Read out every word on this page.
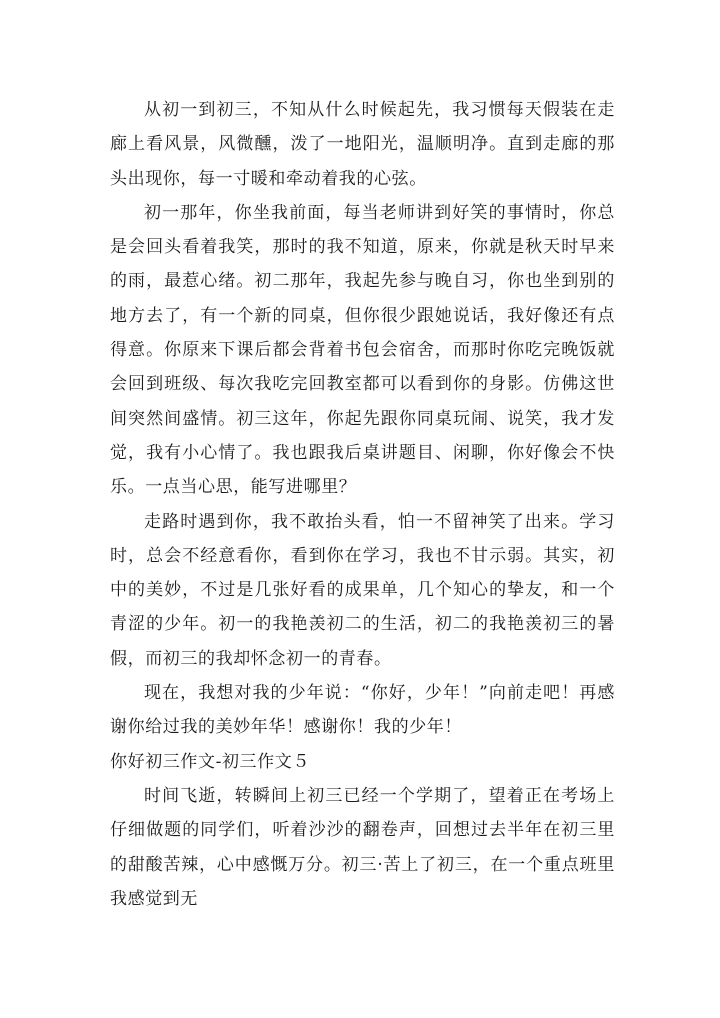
从初一到初三，不知从什么时候起先，我习惯每天假装在走廊上看风景，风微醺，泼了一地阳光，温顺明净。直到走廊的那头出现你，每一寸暖和牵动着我的心弦。

初一那年，你坐我前面，每当老师讲到好笑的事情时，你总是会回头看着我笑，那时的我不知道，原来，你就是秋天时早来的雨，最惹心绪。初二那年，我起先参与晚自习，你也坐到别的地方去了，有一个新的同桌，但你很少跟她说话，我好像还有点得意。你原来下课后都会背着书包会宿舍，而那时你吃完晚饭就会回到班级、每次我吃完回教室都可以看到你的身影。仿佛这世间突然间盛情。初三这年，你起先跟你同桌玩闹、说笑，我才发觉，我有小心情了。我也跟我后桌讲题目、闲聊，你好像会不快乐。一点当心思，能写进哪里？

走路时遇到你，我不敢抬头看，怕一不留神笑了出来。学习时，总会不经意看你，看到你在学习，我也不甘示弱。其实，初中的美妙，不过是几张好看的成果单，几个知心的挚友，和一个青涩的少年。初一的我艳羡初二的生活，初二的我艳羡初三的暑假，而初三的我却怀念初一的青春。

现在，我想对我的少年说：“你好，少年！”向前走吧！再感谢你给过我的美妙年华！感谢你！我的少年！

你好初三作文-初三作文５

时间飞逝，转瞬间上初三已经一个学期了，望着正在考场上仔细做题的同学们，听着沙沙的翻卷声，回想过去半年在初三里的甜酸苦辣，心中感慨万分。初三·苦上了初三，在一个重点班里我感觉到无
